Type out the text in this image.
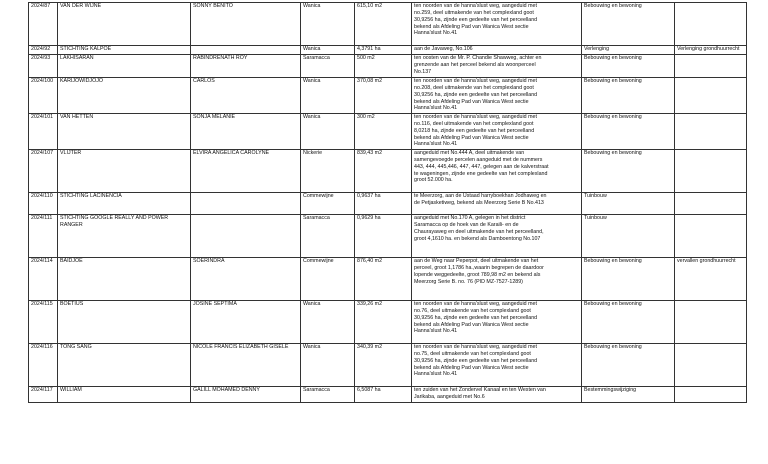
2024/87	VAN DER WIJNE	SONNY BENITO	Wanica	615,10 m2	ten noorden van de hanna'slust weg, aangeduid met
no.259, deel uitmakende van het complexland goot
30,9256 ha, zijnde een gedeelte van het perceelland
bekend als Afdeling Pad van Wanica West sectie
Hanna'slust No.41	Bebouwing en bewoning	
2024/92	STICHTING KALPOE		Wanica	4,3791 ha	aan de Javaweg, No.106	Verlenging	Verlenging grondhuurrecht
2024/93	LAKHISARAN	RABINDRENATH ROY	Saramacca	500 m2	ten oosten van de Mr. P. Chandie Shawweg, achter en
grenzende aan het perceel bekend als woonperceel
No.137	Bebouwing en bewoning	
2024/100	KARIJOWIDJOJO	CARLOS	Wanica	370,08 m2	ten noorden van de hanna'slust weg, aangeduid met
no.208, deel uitmakende van het complexland goot
30,9256 ha, zijnde een gedeelte van het perceelland
bekend als Afdeling Pad van Wanica West sectie
Hanna'slust No.41	Bebouwing en bewoning	
2024/101	VAN HETTEN	SONJA MELANIE	Wanica	300 m2	ten noorden van de hanna'slust weg, aangeduid met
no.116, deel uitmakende van het complexland goot
8,0218 ha, zijnde een gedeelte van het perceelland
bekend als Afdeling Pad van Wanica West sectie
Hanna'slust No.41	Bebouwing en bewoning	
2024/107	VLIJTER	ELVIRA ANGELICA CAROLYNE	Nickerie	839,43 m2	aangeduid met No.444 A, deel uitmakende van
samengevoegde percelen aangeduid met de nummers
443, 444, 445,446, 447, 447, gelegen aan de kalverstraat
te wageningen, zijnde ene gedeelte van het complexland
groot 52.000 ha.	Bebouwing en bewoning	
2024/110	STICHTING LACINENCIA		Commewijne	0,9637 ha	te Meerzorg, aan de Ustaad harryboekhan Jodhaweg en
de Petjasketiweg, bekend als Meerzorg Serie B No.413	Tuinbouw	
2024/111	STICHTING GOOGLE REALLY AND POWER
RANGER		Saramacca	0,9629 ha	aangeduid met No.170 A, gelegen in het district
Saramacca op de hoek van de Karaili- en de
Chaurayaweg en deel uitmakende van het perceelland,
groot 4,1610 ha. en bekend als Damboentong No.107	Tuinbouw	
2024/114	BAIDJOE	SOERINDRA	Commewijne	876,40 m2	aan de Weg naar Peperpot, deel uitmakende van het
perceel, groot 1,1786 ha.,waarin begrepen de daardoor
lopende weggedeelte, groot 789,98 m2 en bekend als
Meerzorg Serie B. no. 76 (PID MZ-7527-1289)	Bebouwing en bewoning	vervallen grondhuurrecht
2024/115	BOËTIUS	JOSINE SEPTIMA	Wanica	339,26 m2	ten noorden van de hanna'slust weg, aangeduid met
no.76, deel uitmakende van het complexland goot
30,9256 ha, zijnde een gedeelte van het perceelland
bekend als Afdeling Pad van Wanica West sectie
Hanna'slust No.41	Bebouwing en bewoning	
2024/116	TONG SANG	NICOLE FRANCIS ELIZABETH GISELE	Wanica	340,39 m2	ten noorden van de hanna'slust weg, aangeduid met
no.75, deel uitmakende van het complexland goot
30,9256 ha, zijnde een gedeelte van het perceelland
bekend als Afdeling Pad van Wanica West sectie
Hanna'slust No.41	Bebouwing en bewoning	
2024/117	WILLIAM	GALILL MOHAMED DENNY	Saramacca	6,5087 ha	ten zuiden van het Zondervel Kanaal en ten Westen van
Jarikaba, aangeduid met No.6	Bestemmingswijziging	
